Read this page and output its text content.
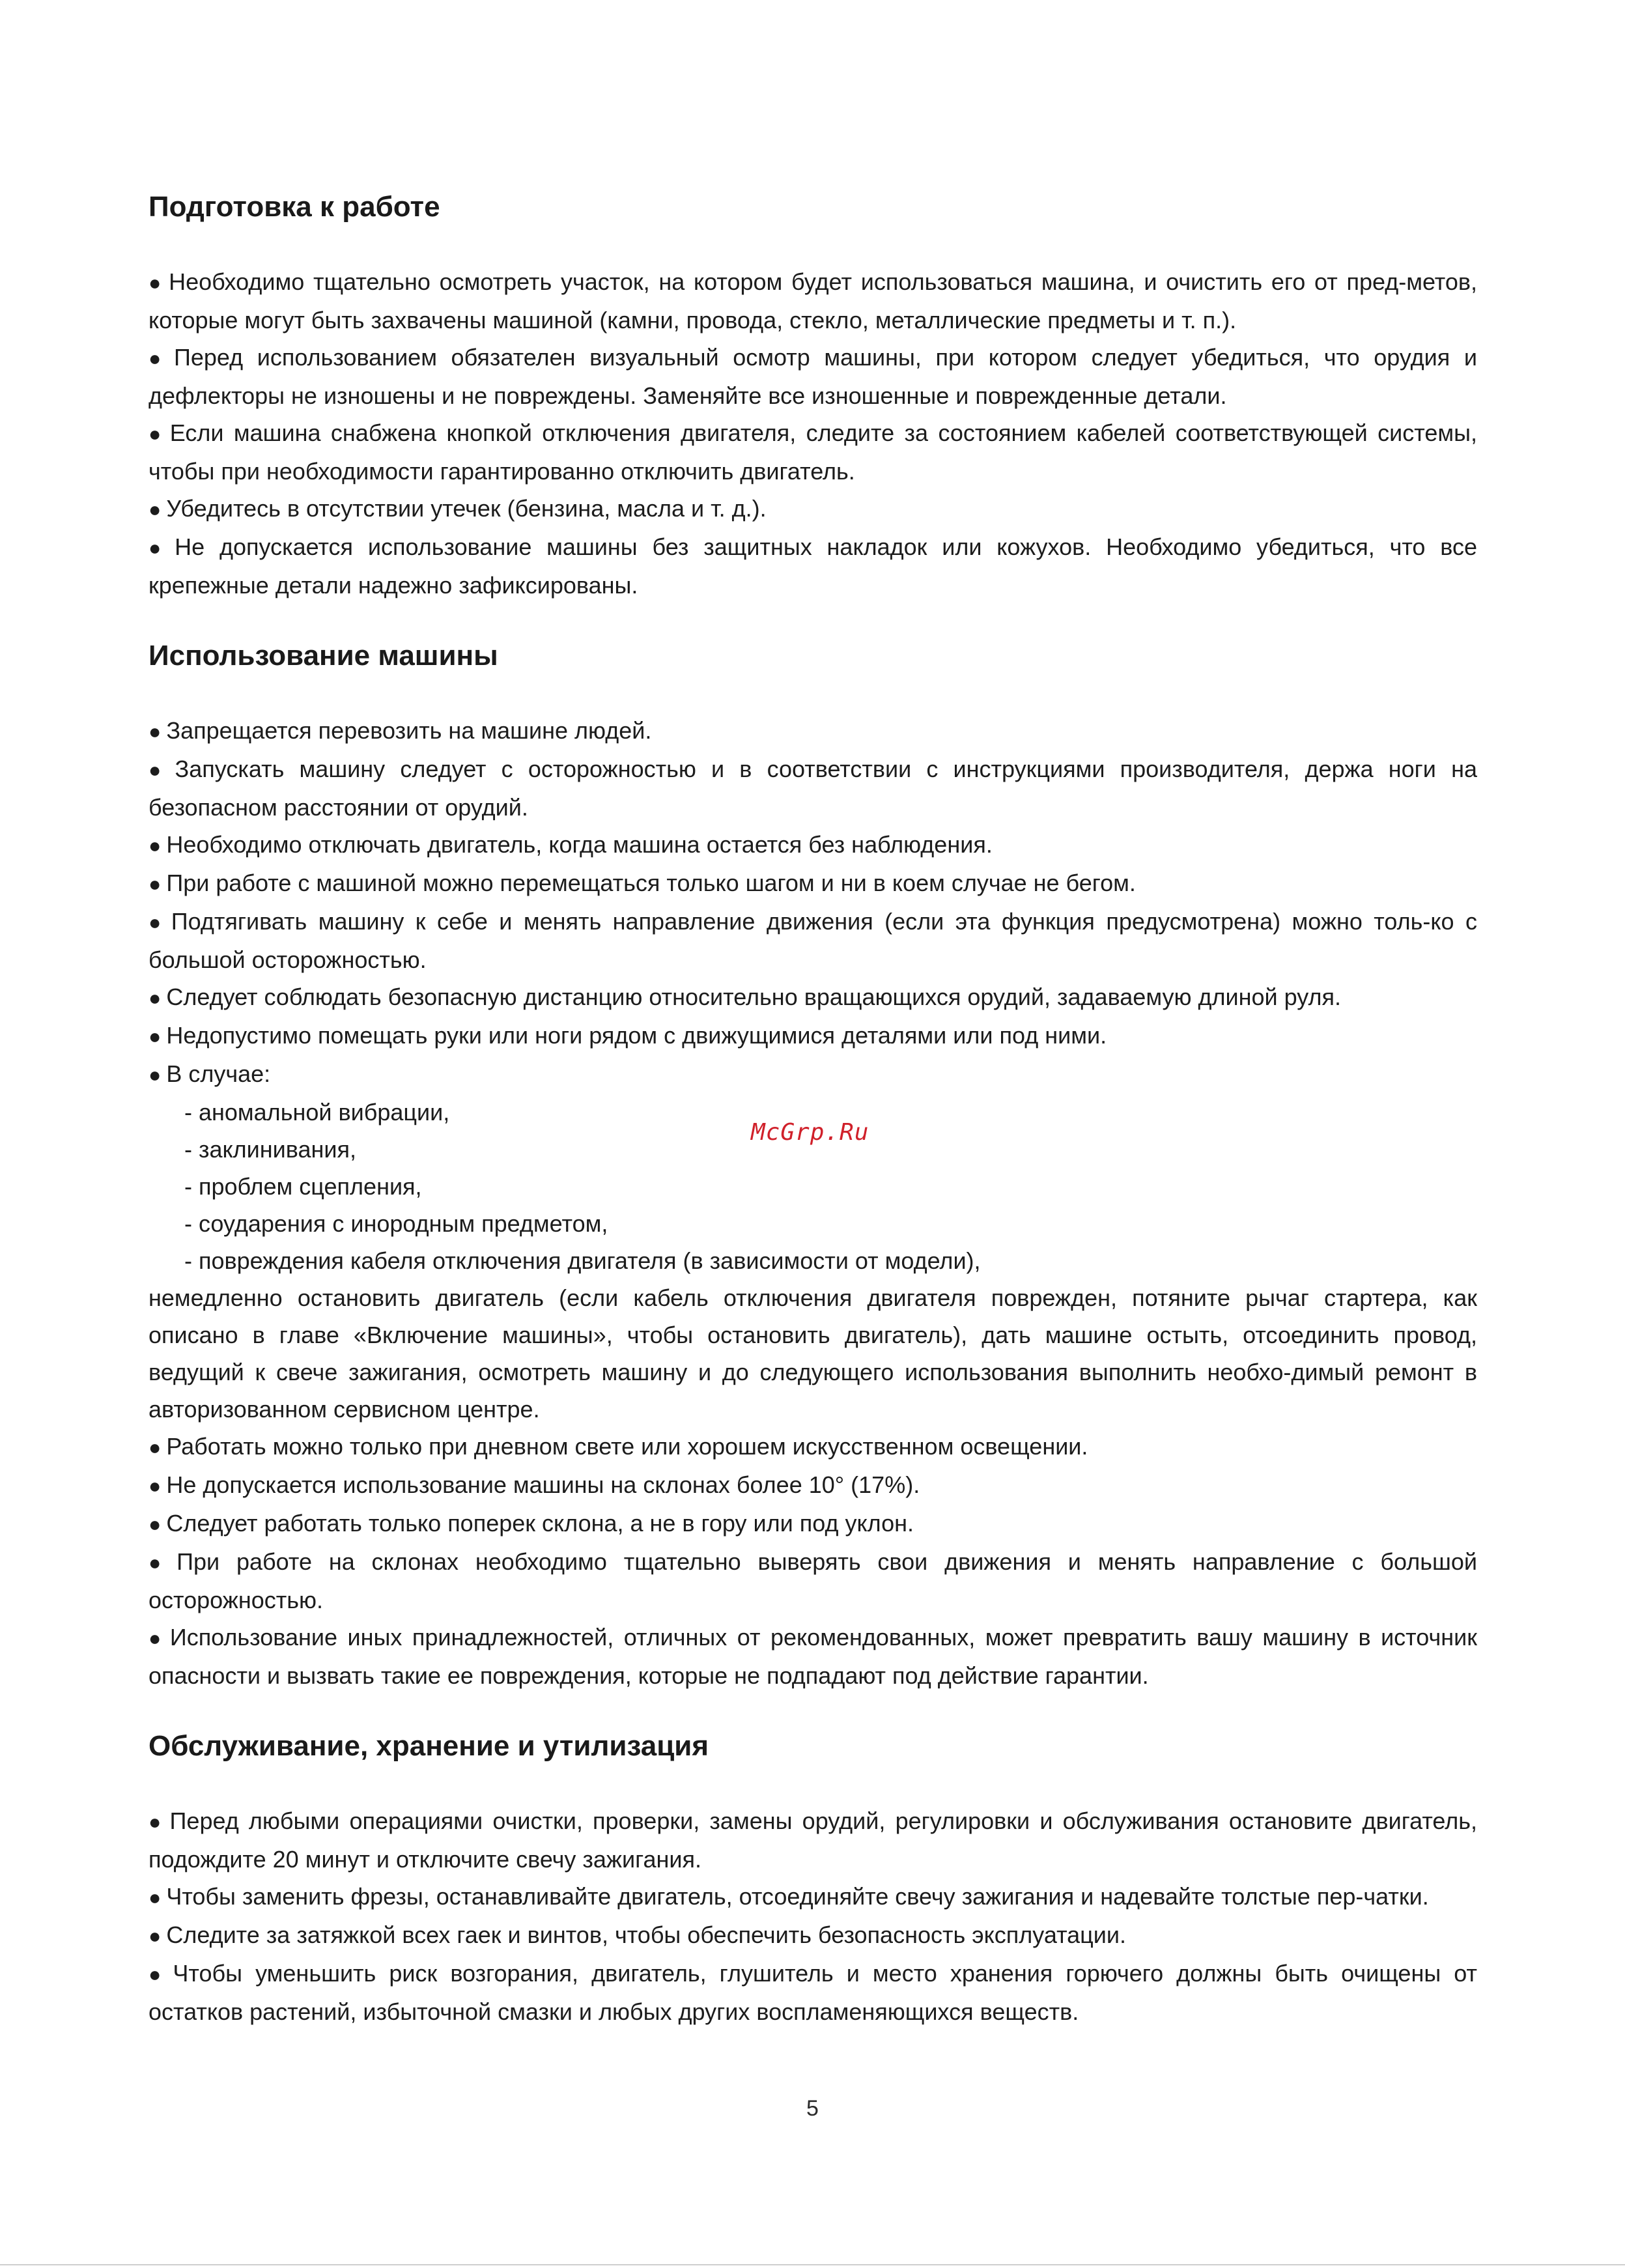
Подготовка к работе

● Необходимо тщательно осмотреть участок, на котором будет использоваться машина, и очистить его от пред-метов, которые могут быть захвачены машиной (камни, провода, стекло, металлические предметы и т. п.).

● Перед использованием обязателен визуальный осмотр машины, при котором следует убедиться, что орудия и дефлекторы не изношены и не повреждены. Заменяйте все изношенные и поврежденные детали.

● Если машина снабжена кнопкой отключения двигателя, следите за состоянием кабелей соответствующей системы, чтобы при необходимости гарантированно отключить двигатель.

● Убедитесь в отсутствии утечек (бензина, масла и т. д.).

● Не допускается использование машины без защитных накладок или кожухов. Необходимо убедиться, что все крепежные детали надежно зафиксированы.

Использование машины

● Запрещается перевозить на машине людей.

● Запускать машину следует с осторожностью и в соответствии с инструкциями производителя, держа ноги на безопасном расстоянии от орудий.

● Необходимо отключать двигатель, когда машина остается без наблюдения.

● При работе с машиной можно перемещаться только шагом и ни в коем случае не бегом.

● Подтягивать машину к себе и менять направление движения (если эта функция предусмотрена) можно толь-ко с большой осторожностью.

● Следует соблюдать безопасную дистанцию относительно вращающихся орудий, задаваемую длиной руля.

● Недопустимо помещать руки или ноги рядом с движущимися деталями или под ними.

● В случае:

- аномальной вибрации,

- заклинивания,

- проблем сцепления,

- соударения с инородным предметом,

- повреждения кабеля отключения двигателя (в зависимости от модели),

немедленно остановить двигатель (если кабель отключения двигателя поврежден, потяните рычаг стартера, как описано в главе «Включение машины», чтобы остановить двигатель), дать машине остыть, отсоединить провод, ведущий к свече зажигания, осмотреть машину и до следующего использования выполнить необхо-димый ремонт в авторизованном сервисном центре.

● Работать можно только при дневном свете или хорошем искусственном освещении.

● Не допускается использование машины на склонах более 10° (17%).

● Следует работать только поперек склона, а не в гору или под уклон.

● При работе на склонах необходимо тщательно выверять свои движения и менять направление с большой осторожностью.

● Использование иных принадлежностей, отличных от рекомендованных, может превратить вашу машину в источник опасности и вызвать такие ее повреждения, которые не подпадают под действие гарантии.

Обслуживание, хранение и утилизация

● Перед любыми операциями очистки, проверки, замены орудий, регулировки и обслуживания остановите двигатель, подождите 20 минут и отключите свечу зажигания.

● Чтобы заменить фрезы, останавливайте двигатель, отсоединяйте свечу зажигания и надевайте толстые пер-чатки.

● Следите за затяжкой всех гаек и винтов, чтобы обеспечить безопасность эксплуатации.

● Чтобы уменьшить риск возгорания, двигатель, глушитель и место хранения горючего должны быть очищены от остатков растений, избыточной смазки и любых других воспламеняющихся веществ.

McGrp.Ru
5
